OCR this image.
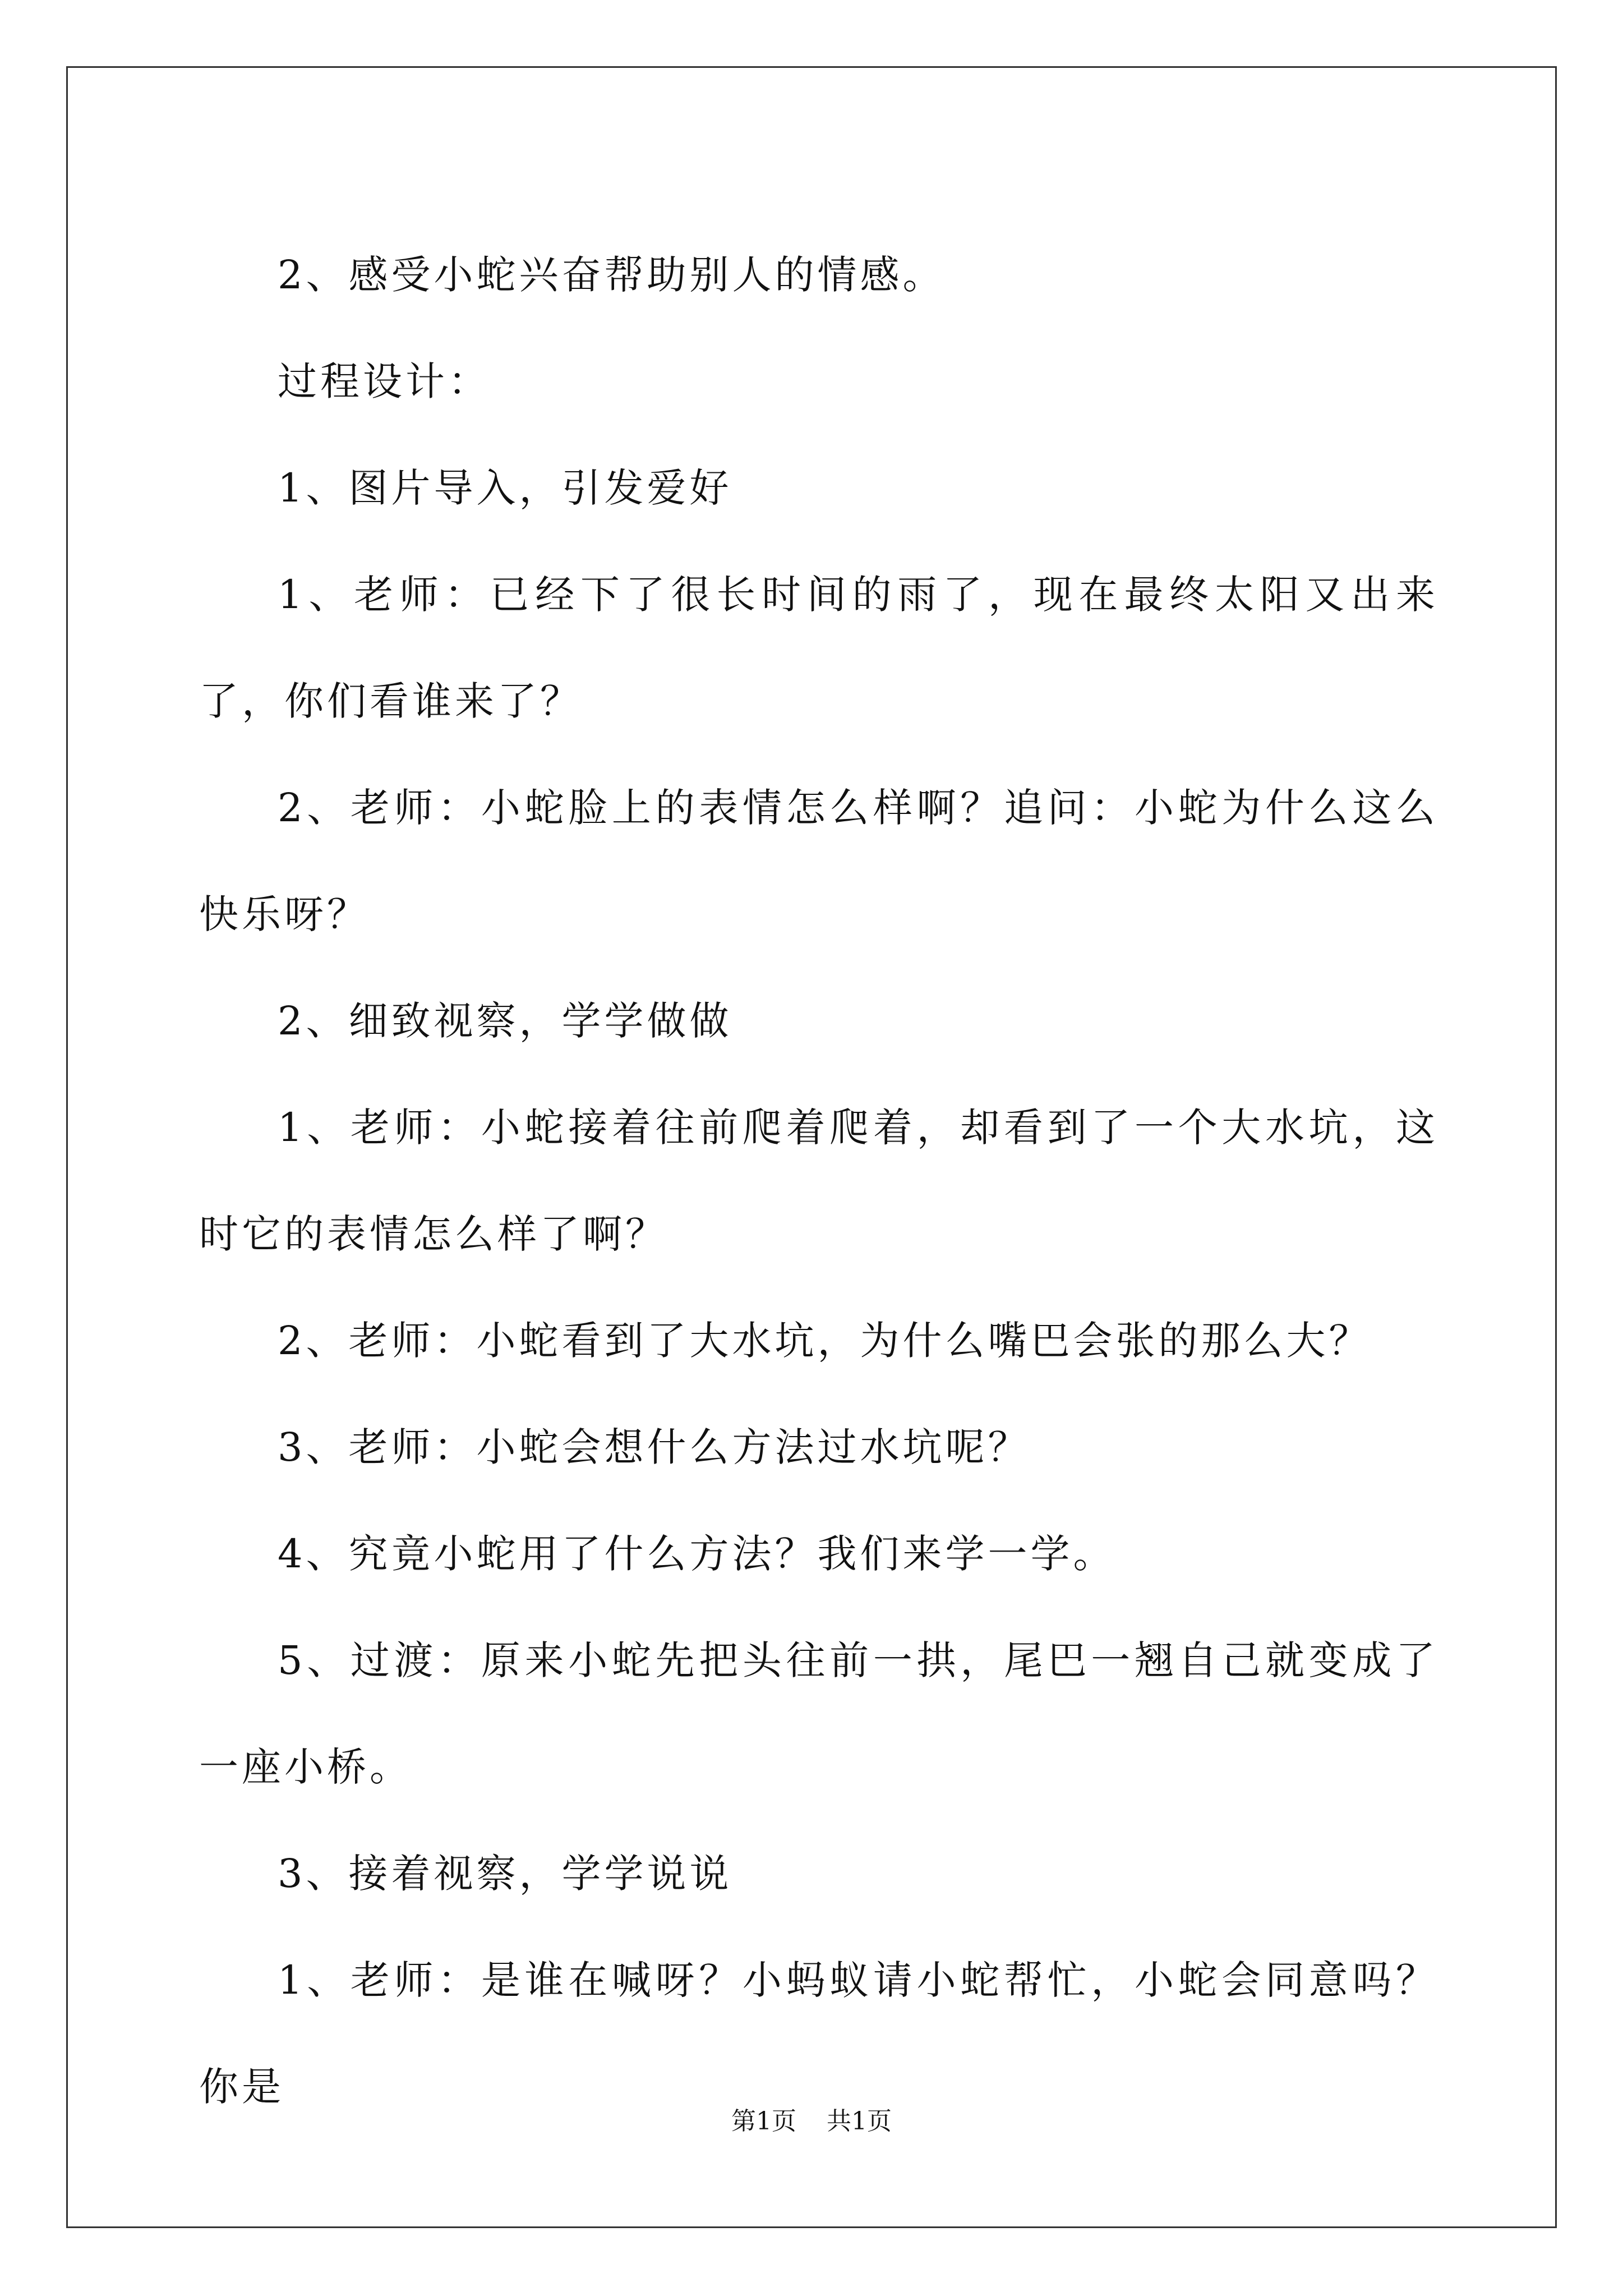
2、感受小蛇兴奋帮助别人的情感。

过程设计：

1、图片导入，引发爱好

1、老师：已经下了很长时间的雨了，现在最终太阳又出来了，你们看谁来了？

2、老师：小蛇脸上的表情怎么样啊？追问：小蛇为什么这么快乐呀？

2、细致视察，学学做做

1、老师：小蛇接着往前爬着爬着，却看到了一个大水坑，这时它的表情怎么样了啊？

2、老师：小蛇看到了大水坑，为什么嘴巴会张的那么大？

3、老师：小蛇会想什么方法过水坑呢？

4、究竟小蛇用了什么方法？我们来学一学。

5、过渡：原来小蛇先把头往前一拱，尾巴一翘自己就变成了一座小桥。

3、接着视察，学学说说

1、老师：是谁在喊呀？小蚂蚁请小蛇帮忙，小蛇会同意吗？你是

第1页 共1页
